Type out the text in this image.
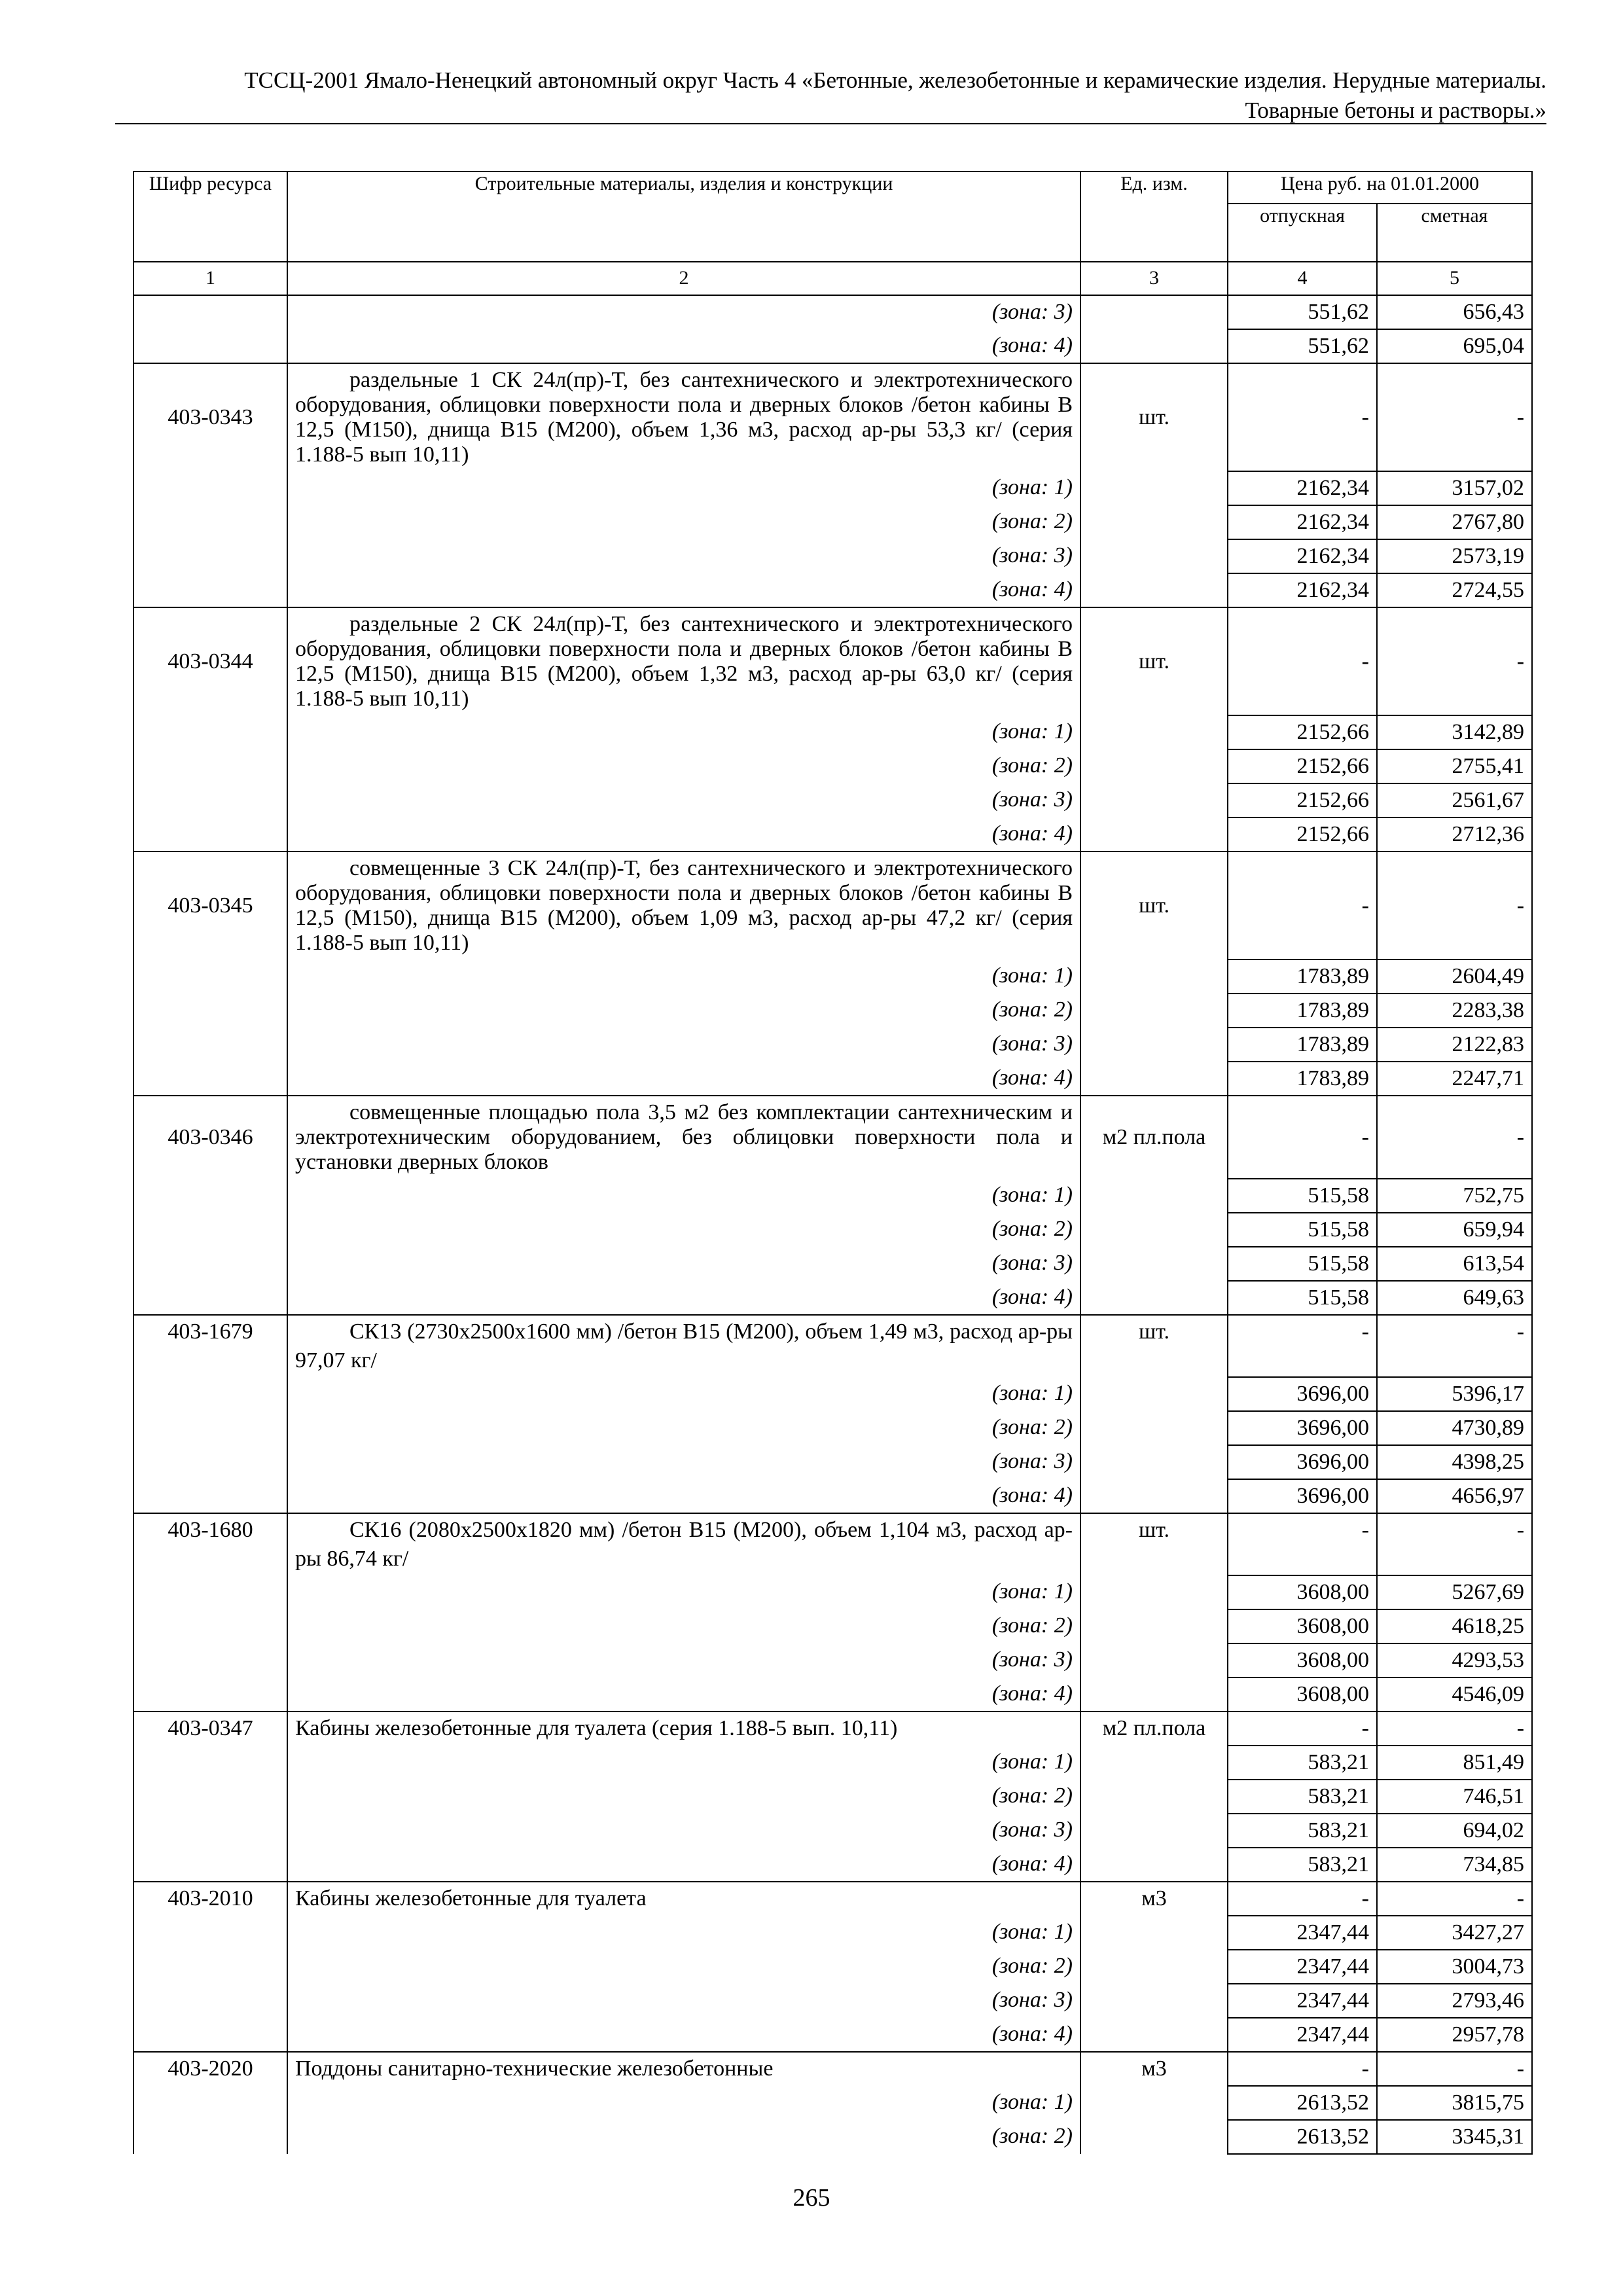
ТССЦ-2001 Ямало-Ненецкий автономный округ Часть 4 «Бетонные, железобетонные и керамические изделия. Нерудные материалы.
Товарные бетоны и растворы.»
Шифр ресурса	Строительные материалы, изделия и конструкции	Ед. изм.	Цена руб. на 01.01.2000	
			отпускная	сметная
1	2	3	4	5
	(зона: 3)		551,62	656,43
	(зона: 4)		551,62	695,04
403-0343	раздельные 1 СК 24л(пр)-Т, без сантехнического и электротехнического оборудования, облицовки поверхности пола и дверных блоков /бетон кабины В 12,5 (М150), днища В15 (М200), объем 1,36 м3, расход ар-ры 53,3 кг/ (серия 1.188-5 вып 10,11)	шт.	-	-
	(зона: 1)		2162,34	3157,02
	(зона: 2)		2162,34	2767,80
	(зона: 3)		2162,34	2573,19
	(зона: 4)		2162,34	2724,55
403-0344	раздельные 2 СК 24л(пр)-Т, без сантехнического и электротехнического оборудования, облицовки поверхности пола и дверных блоков /бетон кабины В 12,5 (М150), днища В15 (М200), объем 1,32 м3, расход ар-ры 63,0 кг/ (серия 1.188-5 вып 10,11)	шт.	-	-
	(зона: 1)		2152,66	3142,89
	(зона: 2)		2152,66	2755,41
	(зона: 3)		2152,66	2561,67
	(зона: 4)		2152,66	2712,36
403-0345	совмещенные 3 СК 24л(пр)-Т, без сантехнического и электротехнического оборудования, облицовки поверхности пола и дверных блоков /бетон кабины В 12,5 (М150), днища В15 (М200), объем 1,09 м3, расход ар-ры 47,2 кг/ (серия 1.188-5 вып 10,11)	шт.	-	-
	(зона: 1)		1783,89	2604,49
	(зона: 2)		1783,89	2283,38
	(зона: 3)		1783,89	2122,83
	(зона: 4)		1783,89	2247,71
403-0346	совмещенные площадью пола 3,5 м2 без комплектации сантехническим и электротехническим оборудованием, без облицовки поверхности пола и установки дверных блоков	м2 пл.пола	-	-
	(зона: 1)		515,58	752,75
	(зона: 2)		515,58	659,94
	(зона: 3)		515,58	613,54
	(зона: 4)		515,58	649,63
403-1679	СК13 (2730х2500х1600 мм) /бетон В15 (М200), объем 1,49 м3, расход ар-ры 97,07 кг/	шт.	-	-
	(зона: 1)		3696,00	5396,17
	(зона: 2)		3696,00	4730,89
	(зона: 3)		3696,00	4398,25
	(зона: 4)		3696,00	4656,97
403-1680	СК16 (2080х2500х1820 мм) /бетон В15 (М200), объем 1,104 м3, расход ар-ры 86,74 кг/	шт.	-	-
	(зона: 1)		3608,00	5267,69
	(зона: 2)		3608,00	4618,25
	(зона: 3)		3608,00	4293,53
	(зона: 4)		3608,00	4546,09
403-0347	Кабины железобетонные для туалета (серия 1.188-5 вып. 10,11)	м2 пл.пола	-	-
	(зона: 1)		583,21	851,49
	(зона: 2)		583,21	746,51
	(зона: 3)		583,21	694,02
	(зона: 4)		583,21	734,85
403-2010	Кабины железобетонные для туалета	м3	-	-
	(зона: 1)		2347,44	3427,27
	(зона: 2)		2347,44	3004,73
	(зона: 3)		2347,44	2793,46
	(зона: 4)		2347,44	2957,78
403-2020	Поддоны санитарно-технические железобетонные	м3	-	-
	(зона: 1)		2613,52	3815,75
	(зона: 2)		2613,52	3345,31
265
